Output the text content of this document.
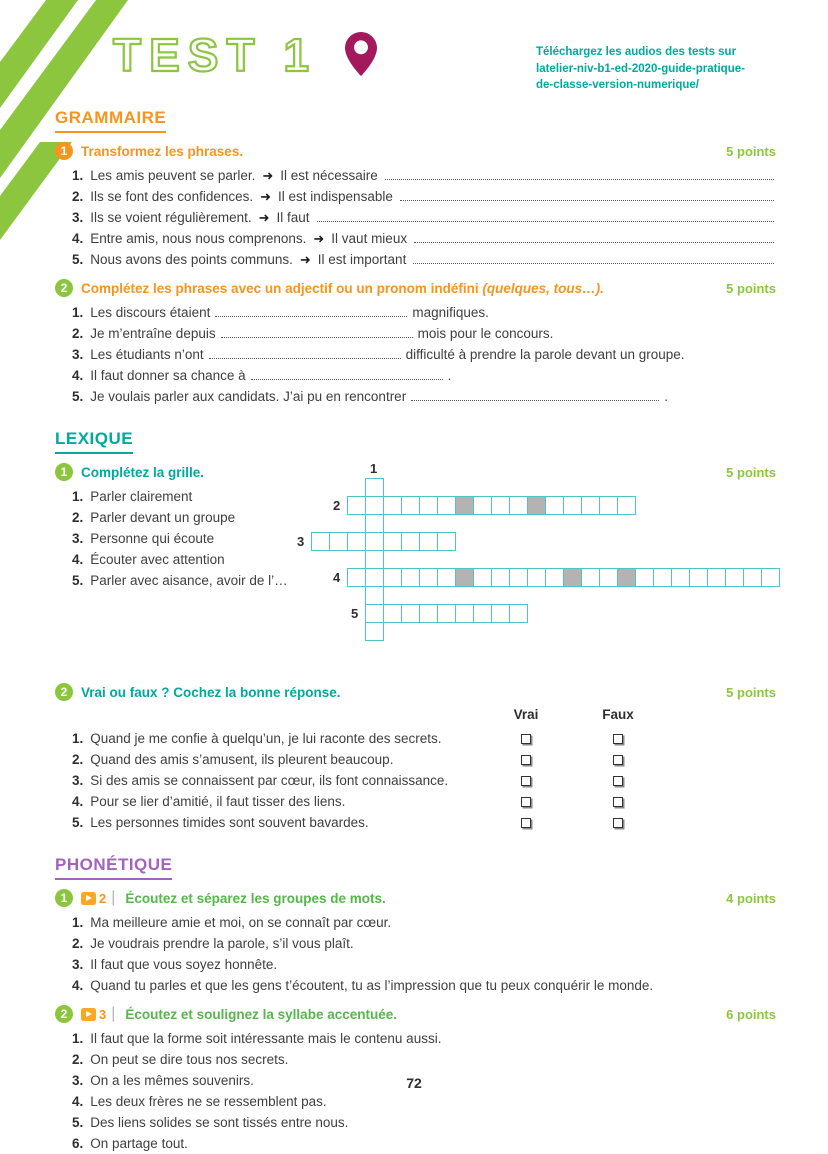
TEST 1	Téléchargez les audios des tests sur
latelier-niv-b1-ed-2020-guide-pratique-
de-classe-version-numerique/
GRAMMAIRE
1	Transformez les phrases.	5 points
1. Les amis peuvent se parler. ➜ Il est nécessaire
2. Ils se font des confidences. ➜ Il est indispensable
3. Ils se voient régulièrement. ➜ Il faut
4. Entre amis, nous nous comprenons. ➜ Il vaut mieux
5. Nous avons des points communs. ➜ Il est important
2	Complétez les phrases avec un adjectif ou un pronom indéfini (quelques, tous…).	5 points
1. Les discours étaient	magnifiques.
2. Je m’entraîne depuis	mois pour le concours.
3. Les étudiants n’ont	difficulté à prendre la parole devant un groupe.
4. Il faut donner sa chance à	.
5. Je voulais parler aux candidats. J’ai pu en rencontrer	.
LEXIQUE
1	Complétez la grille.	5 points
1. Parler clairement
2. Parler devant un groupe
3. Personne qui écoute
4. Écouter avec attention
5. Parler avec aisance, avoir de l’…
1
2
3
4
5
2	Vrai ou faux ? Cochez la bonne réponse.	5 points
Vrai	Faux
1. Quand je me confie à quelqu’un, je lui raconte des secrets.
2. Quand des amis s’amusent, ils pleurent beaucoup.
3. Si des amis se connaissent par cœur, ils font connaissance.
4. Pour se lier d’amitié, il faut tisser des liens.
5. Les personnes timides sont souvent bavardes.
PHONÉTIQUE
1	2 | Écoutez et séparez les groupes de mots.	4 points
1. Ma meilleure amie et moi, on se connaît par cœur.
2. Je voudrais prendre la parole, s’il vous plaît.
3. Il faut que vous soyez honnête.
4. Quand tu parles et que les gens t’écoutent, tu as l’impression que tu peux conquérir le monde.
2	3 | Écoutez et soulignez la syllabe accentuée.	6 points
1. Il faut que la forme soit intéressante mais le contenu aussi.
2. On peut se dire tous nos secrets.
3. On a les mêmes souvenirs.
4. Les deux frères ne se ressemblent pas.
5. Des liens solides se sont tissés entre nous.
6. On partage tout.
72
